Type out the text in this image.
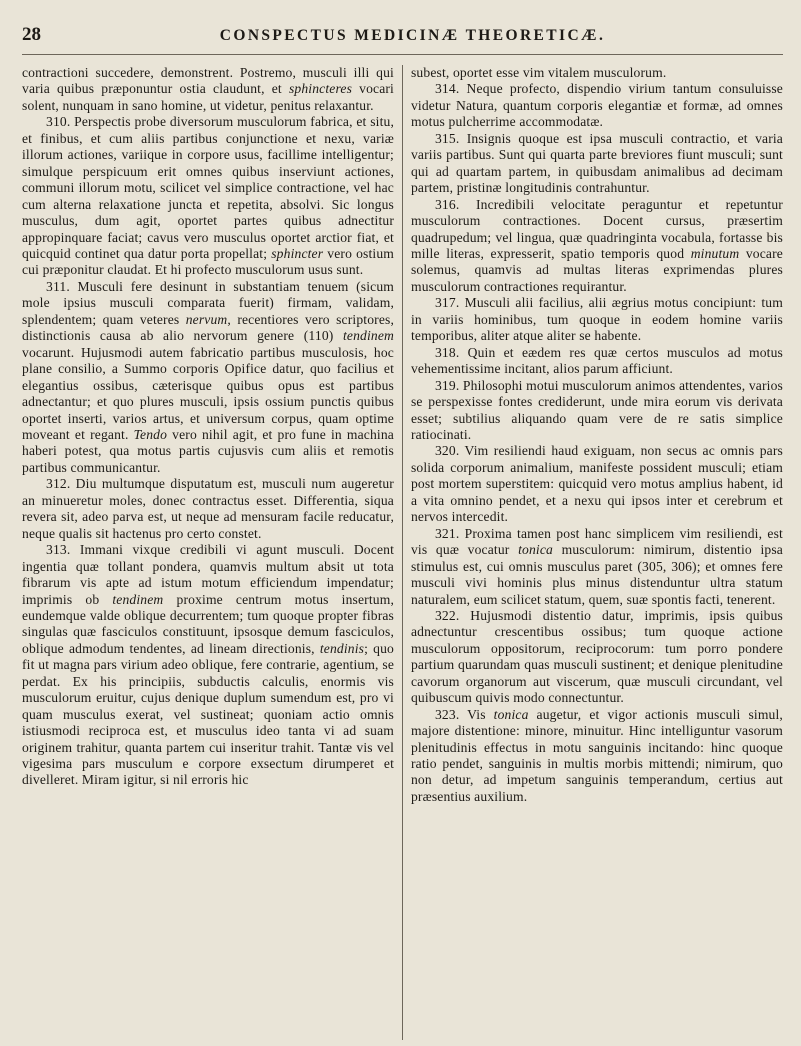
28	CONSPECTUS MEDICINÆ THEORETICÆ.

contractioni succedere, demonstrent. Postremo, musculi illi qui varia quibus præponuntur ostia claudunt, et sphincteres vocari solent, nunquam in sano homine, ut videtur, penitus relaxantur.

310. Perspectis probe diversorum musculorum fabrica, et situ, et finibus, et cum aliis partibus conjunctione et nexu, variæ illorum actiones, variique in corpore usus, facillime intelligentur; simulque perspicuum erit omnes quibus inserviunt actiones, communi illorum motu, scilicet vel simplice contractione, vel hac cum alterna relaxatione juncta et repetita, absolvi. Sic longus musculus, dum agit, oportet partes quibus adnectitur appropinquare faciat; cavus vero musculus oportet arctior fiat, et quicquid continet qua datur porta propellat; sphincter vero ostium cui præponitur claudat. Et hi profecto musculorum usus sunt.

311. Musculi fere desinunt in substantiam tenuem (sicum mole ipsius musculi comparata fuerit) firmam, validam, splendentem; quam veteres nervum, recentiores vero scriptores, distinctionis causa ab alio nervorum genere (110) tendinem vocarunt. Hujusmodi autem fabricatio partibus musculosis, hoc plane consilio, a Summo corporis Opifice datur, quo facilius et elegantius ossibus, cæterisque quibus opus est partibus adnectantur; et quo plures musculi, ipsis ossium punctis quibus oportet inserti, varios artus, et universum corpus, quam optime moveant et regant. Tendo vero nihil agit, et pro fune in machina haberi potest, qua motus partis cujusvis cum aliis et remotis partibus communicantur.

312. Diu multumque disputatum est, musculi num augeretur an minueretur moles, donec contractus esset. Differentia, siqua revera sit, adeo parva est, ut neque ad mensuram facile reducatur, neque qualis sit hactenus pro certo constet.

313. Immani vixque credibili vi agunt musculi. Docent ingentia quæ tollant pondera, quamvis multum absit ut tota fibrarum vis apte ad istum motum efficiendum impendatur; imprimis ob tendinem proxime centrum motus insertum, eundemque valde oblique decurrentem; tum quoque propter fibras singulas quæ fasciculos constituunt, ipsosque demum fasciculos, oblique admodum tendentes, ad lineam directionis, tendinis; quo fit ut magna pars virium adeo oblique, fere contrarie, agentium, se perdat. Ex his principiis, subductis calculis, enormis vis musculorum eruitur, cujus denique duplum sumendum est, pro vi quam musculus exerat, vel sustineat; quoniam actio omnis istiusmodi reciproca est, et musculus ideo tanta vi ad suam originem trahitur, quanta partem cui inseritur trahit. Tantæ vis vel vigesima pars musculum e corpore exsectum dirumperet et divelleret. Miram igitur, si nil erroris hic

subest, oportet esse vim vitalem musculorum.

314. Neque profecto, dispendio virium tantum consuluisse videtur Natura, quantum corporis elegantiæ et formæ, ad omnes motus pulcherrime accommodatæ.

315. Insignis quoque est ipsa musculi contractio, et varia variis partibus. Sunt qui quarta parte breviores fiunt musculi; sunt qui ad quartam partem, in quibusdam animalibus ad decimam partem, pristinæ longitudinis contrahuntur.

316. Incredibili velocitate peraguntur et repetuntur musculorum contractiones. Docent cursus, præsertim quadrupedum; vel lingua, quæ quadringinta vocabula, fortasse bis mille literas, expresserit, spatio temporis quod minutum vocare solemus, quamvis ad multas literas exprimendas plures musculorum contractiones requirantur.

317. Musculi alii facilius, alii ægrius motus concipiunt: tum in variis hominibus, tum quoque in eodem homine variis temporibus, aliter atque aliter se habente.

318. Quin et eædem res quæ certos musculos ad motus vehementissime incitant, alios parum afficiunt.

319. Philosophi motui musculorum animos attendentes, varios se perspexisse fontes crediderunt, unde mira eorum vis derivata esset; subtilius aliquando quam vere de re satis simplice ratiocinati.

320. Vim resiliendi haud exiguam, non secus ac omnis pars solida corporum animalium, manifeste possident musculi; etiam post mortem superstitem: quicquid vero motus amplius habent, id a vita omnino pendet, et a nexu qui ipsos inter et cerebrum et nervos intercedit.

321. Proxima tamen post hanc simplicem vim resiliendi, est vis quæ vocatur tonica musculorum: nimirum, distentio ipsa stimulus est, cui omnis musculus paret (305, 306); et omnes fere musculi vivi hominis plus minus distenduntur ultra statum naturalem, eum scilicet statum, quem, suæ spontis facti, tenerent.

322. Hujusmodi distentio datur, imprimis, ipsis quibus adnectuntur crescentibus ossibus; tum quoque actione musculorum oppositorum, reciprocorum: tum porro pondere partium quarundam quas musculi sustinent; et denique plenitudine cavorum organorum aut viscerum, quæ musculi circundant, vel quibuscum quivis modo connectuntur.

323. Vis tonica augetur, et vigor actionis musculi simul, majore distentione: minore, minuitur. Hinc intelliguntur vasorum plenitudinis effectus in motu sanguinis incitando: hinc quoque ratio pendet, sanguinis in multis morbis mittendi; nimirum, quo non detur, ad impetum sanguinis temperandum, certius aut præsentius auxilium.
